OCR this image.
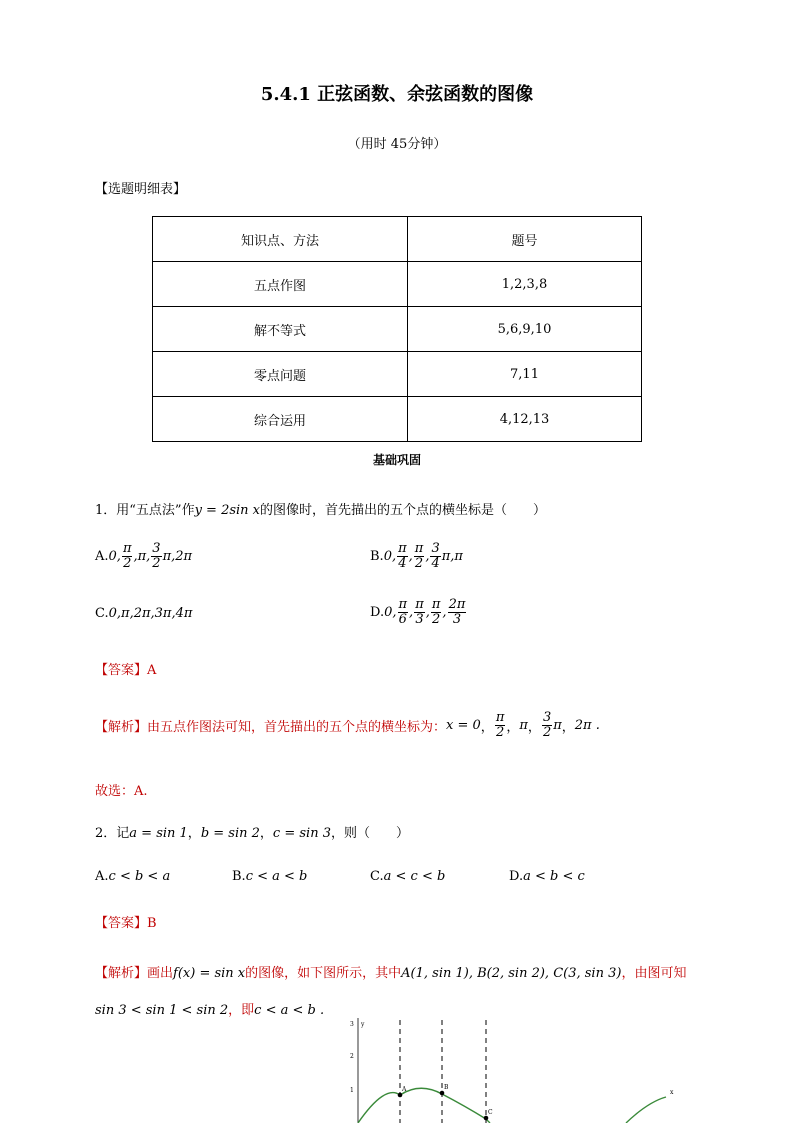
5.4.1 正弦函数、余弦函数的图像
（用时 45分钟）
【选题明细表】
知识点、方法	题号
五点作图	1,2,3,8
解不等式	5,6,9,10
零点问题	7,11
综合运用	4,12,13
基础巩固
1．用“五点法”作y = 2sin x的图像时，首先描出的五个点的横坐标是（　　）
A. 0, $\frac{\pi}{2} ,\pi$, $\frac{3}{2} \pi,2\pi$	B. 0, $\frac{\pi}{4}$ , $\frac{\pi}{2}$ , $\frac{3}{4} \pi,\pi$
C. 0,π,2π,3π,4π	D. 0, $\frac{\pi}{6}$ , $\frac{\pi}{3}$ , $\frac{\pi}{2}$ , $\frac{2\pi}{3}$
【答案】A
【解析】 由五点作图法可知，首先描出的五个点的横坐标为： x = 0 ， $\frac{\pi}{2}$ ， π ， $\frac{3}{2}$ π ， 2π .
故选：A.
2．记a = sin 1，b = sin 2，c = sin 3，则（　　）
A. c < b < a	B. c < a < b	C. a < c < b	D. a < b < c
【答案】B
【解析】画出f(x) = sin x的图像，如下图所示，其中A(1, sin 1), B(2, sin 2), C(3, sin 3)，由图可知
sin 3 < sin 1 < sin 2，即c < a < b .
y
3
2
1	A	B
C
x
